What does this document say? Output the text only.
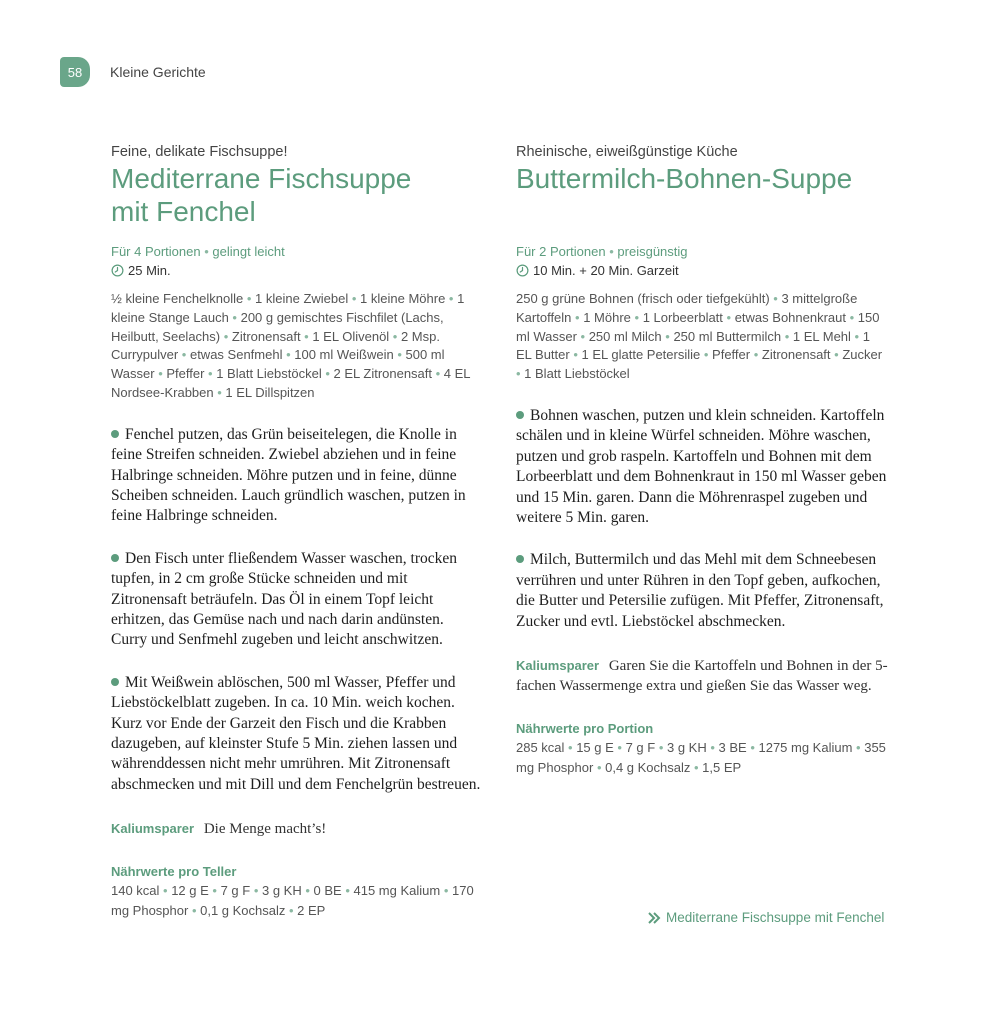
58 Kleine Gerichte

Feine, delikate Fischsuppe!

Mediterrane Fischsuppe
mit Fenchel
Für 4 Portionen • gelingt leicht
25 Min.
½ kleine Fenchelknolle • 1 kleine Zwiebel • 1 kleine Möhre • 1 kleine Stange Lauch • 200 g gemischtes Fischfilet (Lachs, Heilbutt, Seelachs) • Zitronensaft • 1 EL Olivenöl • 2 Msp. Currypulver • etwas Senfmehl • 100 ml Weißwein • 500 ml Wasser • Pfeffer • 1 Blatt Liebstöckel • 2 EL Zitronensaft • 4 EL Nordsee-Krabben • 1 EL Dillspitzen
Fenchel putzen, das Grün beiseitelegen, die Knolle in feine Streifen schneiden. Zwiebel abziehen und in feine Halbringe schneiden. Möhre putzen und in feine, dünne Scheiben schneiden. Lauch gründlich waschen, putzen in feine Halbringe schneiden.
Den Fisch unter fließendem Wasser waschen, trocken tupfen, in 2 cm große Stücke schneiden und mit Zitronensaft beträufeln. Das Öl in einem Topf leicht erhitzen, das Gemüse nach und nach darin andünsten. Curry und Senfmehl zugeben und leicht anschwitzen.
Mit Weißwein ablöschen, 500 ml Wasser, Pfeffer und Liebstöckelblatt zugeben. In ca. 10 Min. weich kochen. Kurz vor Ende der Garzeit den Fisch und die Krabben dazugeben, auf kleinster Stufe 5 Min. ziehen lassen und währenddessen nicht mehr umrühren. Mit Zitronensaft abschmecken und mit Dill und dem Fenchelgrün bestreuen.
Kaliumsparer Die Menge macht’s!
Nährwerte pro Teller
140 kcal • 12 g E • 7 g F • 3 g KH • 0 BE • 415 mg Kalium • 170 mg Phosphor • 0,1 g Kochsalz • 2 EP

Rheinische, eiweißgünstige Küche

Buttermilch-Bohnen-Suppe
Für 2 Portionen • preisgünstig
10 Min. + 20 Min. Garzeit
250 g grüne Bohnen (frisch oder tiefgekühlt) • 3 mittelgroße Kartoffeln • 1 Möhre • 1 Lorbeerblatt • etwas Bohnenkraut • 150 ml Wasser • 250 ml Milch • 250 ml Buttermilch • 1 EL Mehl • 1 EL Butter • 1 EL glatte Petersilie • Pfeffer • Zitronensaft • Zucker • 1 Blatt Liebstöckel
Bohnen waschen, putzen und klein schneiden. Kartoffeln schälen und in kleine Würfel schneiden. Möhre waschen, putzen und grob raspeln. Kartoffeln und Bohnen mit dem Lorbeerblatt und dem Bohnenkraut in 150 ml Wasser geben und 15 Min. garen. Dann die Möhrenraspel zugeben und weitere 5 Min. garen.
Milch, Buttermilch und das Mehl mit dem Schneebesen verrühren und unter Rühren in den Topf geben, aufkochen, die Butter und Petersilie zufügen. Mit Pfeffer, Zitronensaft, Zucker und evtl. Liebstöckel abschmecken.
Kaliumsparer Garen Sie die Kartoffeln und Bohnen in der 5-fachen Wassermenge extra und gießen Sie das Wasser weg.
Nährwerte pro Portion
285 kcal • 15 g E • 7 g F • 3 g KH • 3 BE • 1275 mg Kalium • 355 mg Phosphor • 0,4 g Kochsalz • 1,5 EP
Mediterrane Fischsuppe mit Fenchel
